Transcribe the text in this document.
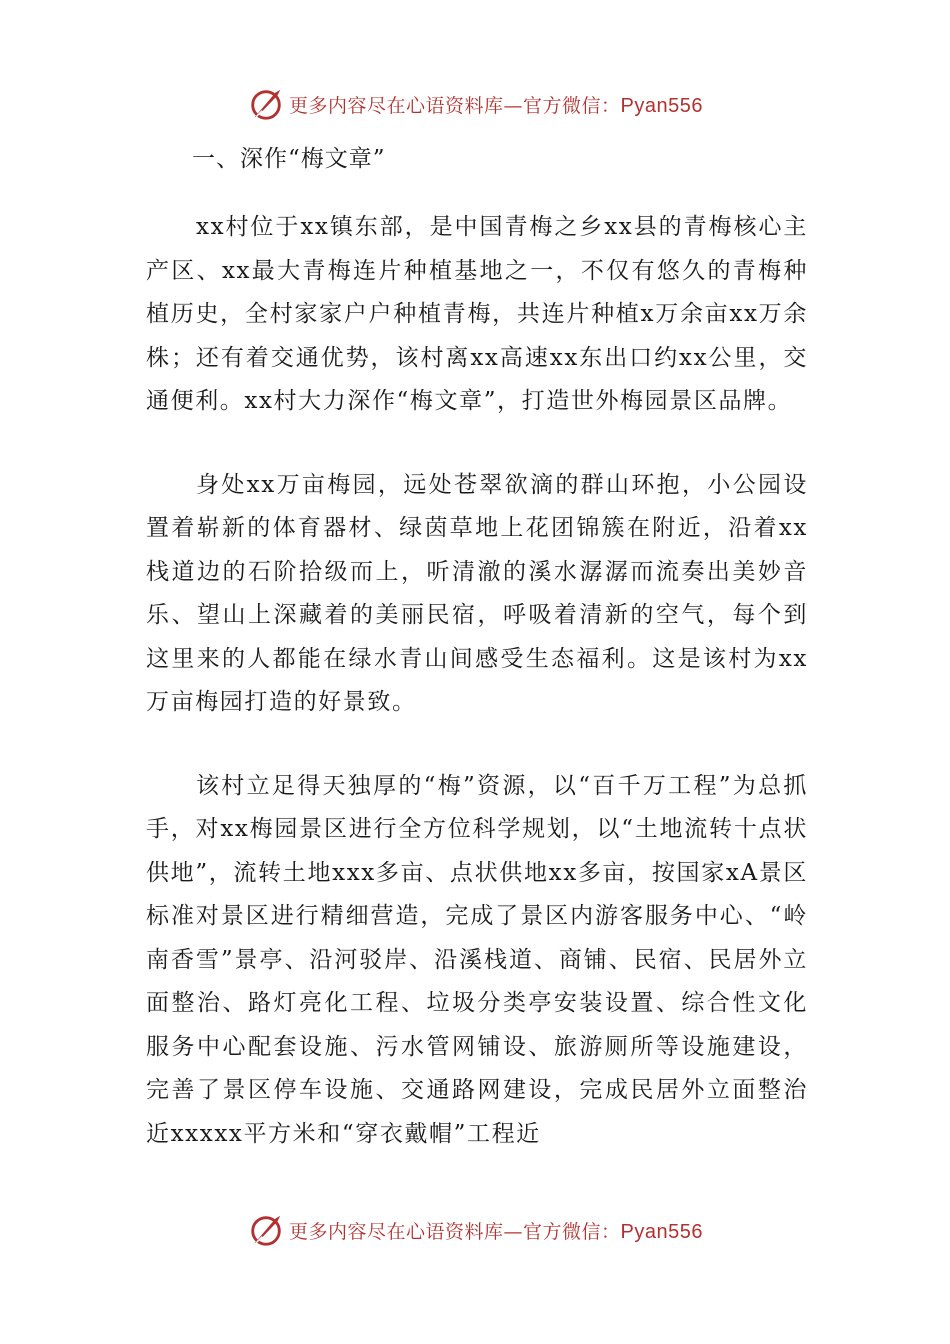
更多内容尽在心语资料库—官方微信：Pyan556
一、深作“梅文章”

xx村位于xx镇东部，是中国青梅之乡xx县的青梅核心主产区、xx最大青梅连片种植基地之一，不仅有悠久的青梅种植历史，全村家家户户种植青梅，共连片种植x万余亩xx万余株；还有着交通优势，该村离xx高速xx东出口约xx公里，交通便利。xx村大力深作“梅文章”，打造世外梅园景区品牌。

身处xx万亩梅园，远处苍翠欲滴的群山环抱，小公园设置着崭新的体育器材、绿茵草地上花团锦簇在附近，沿着xx栈道边的石阶拾级而上，听清澈的溪水潺潺而流奏出美妙音乐、望山上深藏着的美丽民宿，呼吸着清新的空气，每个到这里来的人都能在绿水青山间感受生态福利。这是该村为xx万亩梅园打造的好景致。

该村立足得天独厚的“梅”资源，以“百千万工程”为总抓手，对xx梅园景区进行全方位科学规划，以“土地流转十点状供地”，流转土地xxx多亩、点状供地xx多亩，按国家xA景区标准对景区进行精细营造，完成了景区内游客服务中心、“岭南香雪”景亭、沿河驳岸、沿溪栈道、商铺、民宿、民居外立面整治、路灯亮化工程、垃圾分类亭安装设置、综合性文化服务中心配套设施、污水管网铺设、旅游厕所等设施建设，完善了景区停车设施、交通路网建设，完成民居外立面整治近xxxxx平方米和“穿衣戴帽”工程近

更多内容尽在心语资料库—官方微信：Pyan556
